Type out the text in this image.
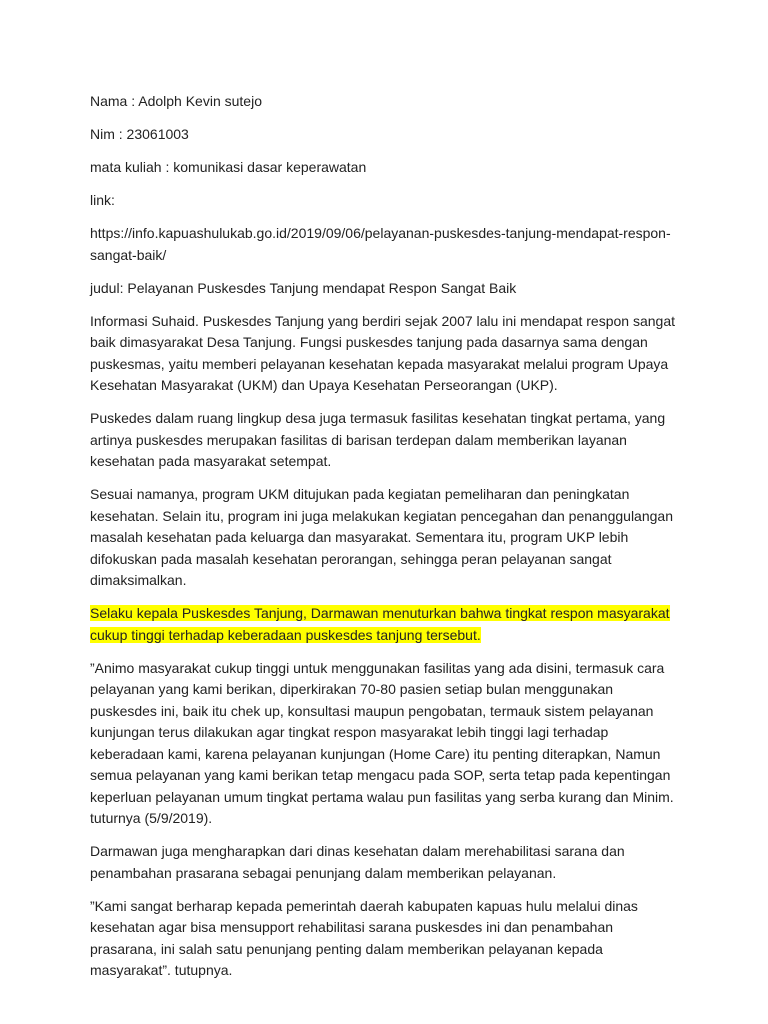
Nama : Adolph Kevin sutejo

Nim : 23061003

mata kuliah : komunikasi dasar keperawatan

link:

https://info.kapuashulukab.go.id/2019/09/06/pelayanan-puskesdes-tanjung-mendapat-respon-sangat-baik/

judul: Pelayanan Puskesdes Tanjung mendapat Respon Sangat Baik

Informasi Suhaid. Puskesdes Tanjung yang berdiri sejak 2007 lalu ini mendapat respon sangat baik dimasyarakat Desa Tanjung. Fungsi puskesdes tanjung pada dasarnya sama dengan puskesmas, yaitu memberi pelayanan kesehatan kepada masyarakat melalui program Upaya Kesehatan Masyarakat (UKM) dan Upaya Kesehatan Perseorangan (UKP).

Puskedes dalam ruang lingkup desa juga termasuk fasilitas kesehatan tingkat pertama, yang artinya puskesdes merupakan fasilitas di barisan terdepan dalam memberikan layanan kesehatan pada masyarakat setempat.

Sesuai namanya, program UKM ditujukan pada kegiatan pemeliharan dan peningkatan kesehatan. Selain itu, program ini juga melakukan kegiatan pencegahan dan penanggulangan masalah kesehatan pada keluarga dan masyarakat. Sementara itu, program UKP lebih difokuskan pada masalah kesehatan perorangan, sehingga peran pelayanan sangat dimaksimalkan.

Selaku kepala Puskesdes Tanjung, Darmawan menuturkan bahwa tingkat respon masyarakat cukup tinggi terhadap keberadaan puskesdes tanjung tersebut.

”Animo masyarakat cukup tinggi untuk menggunakan fasilitas yang ada disini, termasuk cara pelayanan yang kami berikan, diperkirakan 70-80 pasien setiap bulan menggunakan puskesdes ini, baik itu chek up, konsultasi maupun pengobatan, termauk sistem pelayanan kunjungan terus dilakukan agar tingkat respon masyarakat lebih tinggi lagi terhadap keberadaan kami, karena pelayanan kunjungan (Home Care) itu penting diterapkan, Namun semua pelayanan yang kami berikan tetap mengacu pada SOP, serta tetap pada kepentingan keperluan pelayanan umum tingkat pertama walau pun fasilitas yang serba kurang dan Minim. tuturnya (5/9/2019).

Darmawan juga mengharapkan dari dinas kesehatan dalam merehabilitasi sarana dan penambahan prasarana sebagai penunjang dalam memberikan pelayanan.

”Kami sangat berharap kepada pemerintah daerah kabupaten kapuas hulu melalui dinas kesehatan agar bisa mensupport rehabilitasi sarana puskesdes ini dan penambahan prasarana, ini salah satu penunjang penting dalam memberikan pelayanan kepada masyarakat”. tutupnya.
